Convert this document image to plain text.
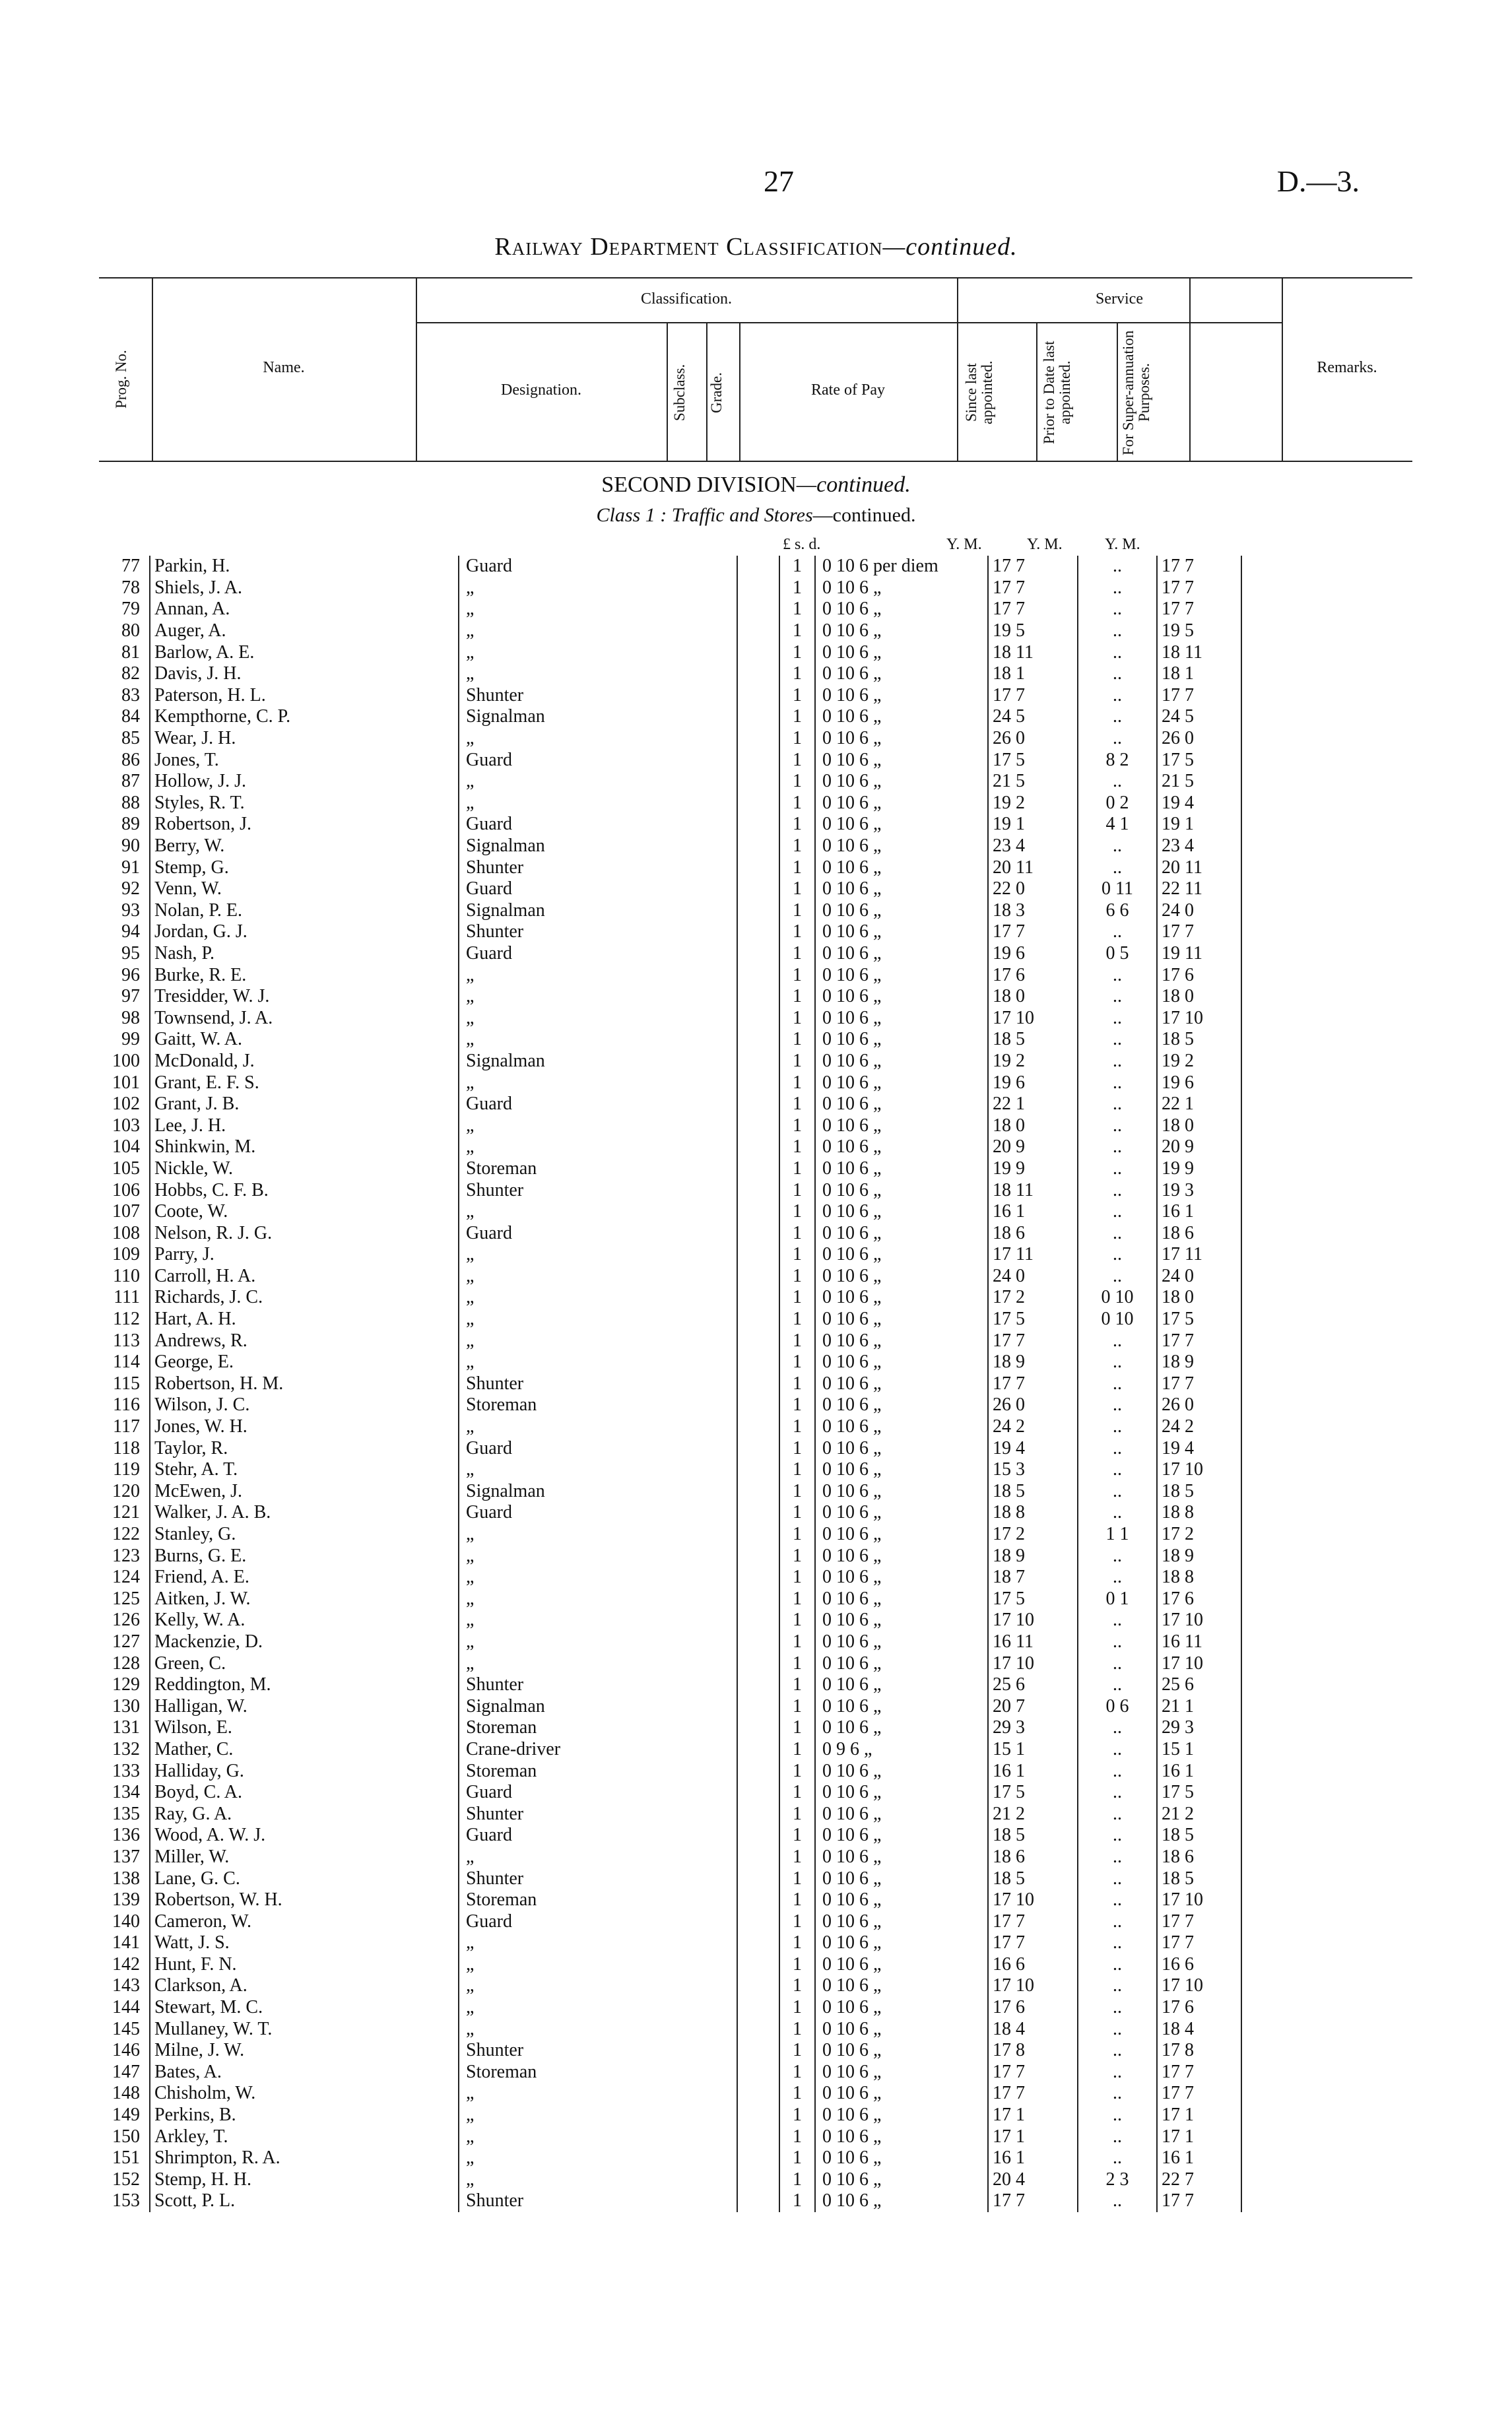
27	D.—3.
Railway Department Classification—continued.
Prog. No.	Name.
Classification.
Designation.	Subclass.	Grade.	Rate of Pay
Service
Since last appointed.	Prior to Date last appointed.	For Super-annuation Purposes.	Remarks.
SECOND DIVISION—continued.
Class 1 : Traffic and Stores—continued.
£ s. d.	Y. M.	Y. M.	Y. M.
77	Parkin, H.	Guard		1	0 10 6 per diem	17 7	..	17 7
78	Shiels, J. A.	„		1	0 10 6 „	17 7	..	17 7
79	Annan, A.	„		1	0 10 6 „	17 7	..	17 7
80	Auger, A.	„		1	0 10 6 „	19 5	..	19 5
81	Barlow, A. E.	„		1	0 10 6 „	18 11	..	18 11
82	Davis, J. H.	„		1	0 10 6 „	18 1	..	18 1
83	Paterson, H. L.	Shunter		1	0 10 6 „	17 7	..	17 7
84	Kempthorne, C. P.	Signalman		1	0 10 6 „	24 5	..	24 5
85	Wear, J. H.	„		1	0 10 6 „	26 0	..	26 0
86	Jones, T.	Guard		1	0 10 6 „	17 5	8 2	17 5
87	Hollow, J. J.	„		1	0 10 6 „	21 5	..	21 5
88	Styles, R. T.	„		1	0 10 6 „	19 2	0 2	19 4
89	Robertson, J.	Guard		1	0 10 6 „	19 1	4 1	19 1
90	Berry, W.	Signalman		1	0 10 6 „	23 4	..	23 4
91	Stemp, G.	Shunter		1	0 10 6 „	20 11	..	20 11
92	Venn, W.	Guard		1	0 10 6 „	22 0	0 11	22 11
93	Nolan, P. E.	Signalman		1	0 10 6 „	18 3	6 6	24 0
94	Jordan, G. J.	Shunter		1	0 10 6 „	17 7	..	17 7
95	Nash, P.	Guard		1	0 10 6 „	19 6	0 5	19 11
96	Burke, R. E.	„		1	0 10 6 „	17 6	..	17 6
97	Tresidder, W. J.	„		1	0 10 6 „	18 0	..	18 0
98	Townsend, J. A.	„		1	0 10 6 „	17 10	..	17 10
99	Gaitt, W. A.	„		1	0 10 6 „	18 5	..	18 5
100	McDonald, J.	Signalman		1	0 10 6 „	19 2	..	19 2
101	Grant, E. F. S.	„		1	0 10 6 „	19 6	..	19 6
102	Grant, J. B.	Guard		1	0 10 6 „	22 1	..	22 1
103	Lee, J. H.	„		1	0 10 6 „	18 0	..	18 0
104	Shinkwin, M.	„		1	0 10 6 „	20 9	..	20 9
105	Nickle, W.	Storeman		1	0 10 6 „	19 9	..	19 9
106	Hobbs, C. F. B.	Shunter		1	0 10 6 „	18 11	..	19 3
107	Coote, W.	„		1	0 10 6 „	16 1	..	16 1
108	Nelson, R. J. G.	Guard		1	0 10 6 „	18 6	..	18 6
109	Parry, J.	„		1	0 10 6 „	17 11	..	17 11
110	Carroll, H. A.	„		1	0 10 6 „	24 0	..	24 0
111	Richards, J. C.	„		1	0 10 6 „	17 2	0 10	18 0
112	Hart, A. H.	„		1	0 10 6 „	17 5	0 10	17 5
113	Andrews, R.	„		1	0 10 6 „	17 7	..	17 7
114	George, E.	„		1	0 10 6 „	18 9	..	18 9
115	Robertson, H. M.	Shunter		1	0 10 6 „	17 7	..	17 7
116	Wilson, J. C.	Storeman		1	0 10 6 „	26 0	..	26 0
117	Jones, W. H.	„		1	0 10 6 „	24 2	..	24 2
118	Taylor, R.	Guard		1	0 10 6 „	19 4	..	19 4
119	Stehr, A. T.	„		1	0 10 6 „	15 3	..	17 10
120	McEwen, J.	Signalman		1	0 10 6 „	18 5	..	18 5
121	Walker, J. A. B.	Guard		1	0 10 6 „	18 8	..	18 8
122	Stanley, G.	„		1	0 10 6 „	17 2	1 1	17 2
123	Burns, G. E.	„		1	0 10 6 „	18 9	..	18 9
124	Friend, A. E.	„		1	0 10 6 „	18 7	..	18 8
125	Aitken, J. W.	„		1	0 10 6 „	17 5	0 1	17 6
126	Kelly, W. A.	„		1	0 10 6 „	17 10	..	17 10
127	Mackenzie, D.	„		1	0 10 6 „	16 11	..	16 11
128	Green, C.	„		1	0 10 6 „	17 10	..	17 10
129	Reddington, M.	Shunter		1	0 10 6 „	25 6	..	25 6
130	Halligan, W.	Signalman		1	0 10 6 „	20 7	0 6	21 1
131	Wilson, E.	Storeman		1	0 10 6 „	29 3	..	29 3
132	Mather, C.	Crane-driver		1	0 9 6 „	15 1	..	15 1
133	Halliday, G.	Storeman		1	0 10 6 „	16 1	..	16 1
134	Boyd, C. A.	Guard		1	0 10 6 „	17 5	..	17 5
135	Ray, G. A.	Shunter		1	0 10 6 „	21 2	..	21 2
136	Wood, A. W. J.	Guard		1	0 10 6 „	18 5	..	18 5
137	Miller, W.	„		1	0 10 6 „	18 6	..	18 6
138	Lane, G. C.	Shunter		1	0 10 6 „	18 5	..	18 5
139	Robertson, W. H.	Storeman		1	0 10 6 „	17 10	..	17 10
140	Cameron, W.	Guard		1	0 10 6 „	17 7	..	17 7
141	Watt, J. S.	„		1	0 10 6 „	17 7	..	17 7
142	Hunt, F. N.	„		1	0 10 6 „	16 6	..	16 6
143	Clarkson, A.	„		1	0 10 6 „	17 10	..	17 10
144	Stewart, M. C.	„		1	0 10 6 „	17 6	..	17 6
145	Mullaney, W. T.	„		1	0 10 6 „	18 4	..	18 4
146	Milne, J. W.	Shunter		1	0 10 6 „	17 8	..	17 8
147	Bates, A.	Storeman		1	0 10 6 „	17 7	..	17 7
148	Chisholm, W.	„		1	0 10 6 „	17 7	..	17 7
149	Perkins, B.	„		1	0 10 6 „	17 1	..	17 1
150	Arkley, T.	„		1	0 10 6 „	17 1	..	17 1
151	Shrimpton, R. A.	„		1	0 10 6 „	16 1	..	16 1
152	Stemp, H. H.	„		1	0 10 6 „	20 4	2 3	22 7
153	Scott, P. L.	Shunter		1	0 10 6 „	17 7	..	17 7
